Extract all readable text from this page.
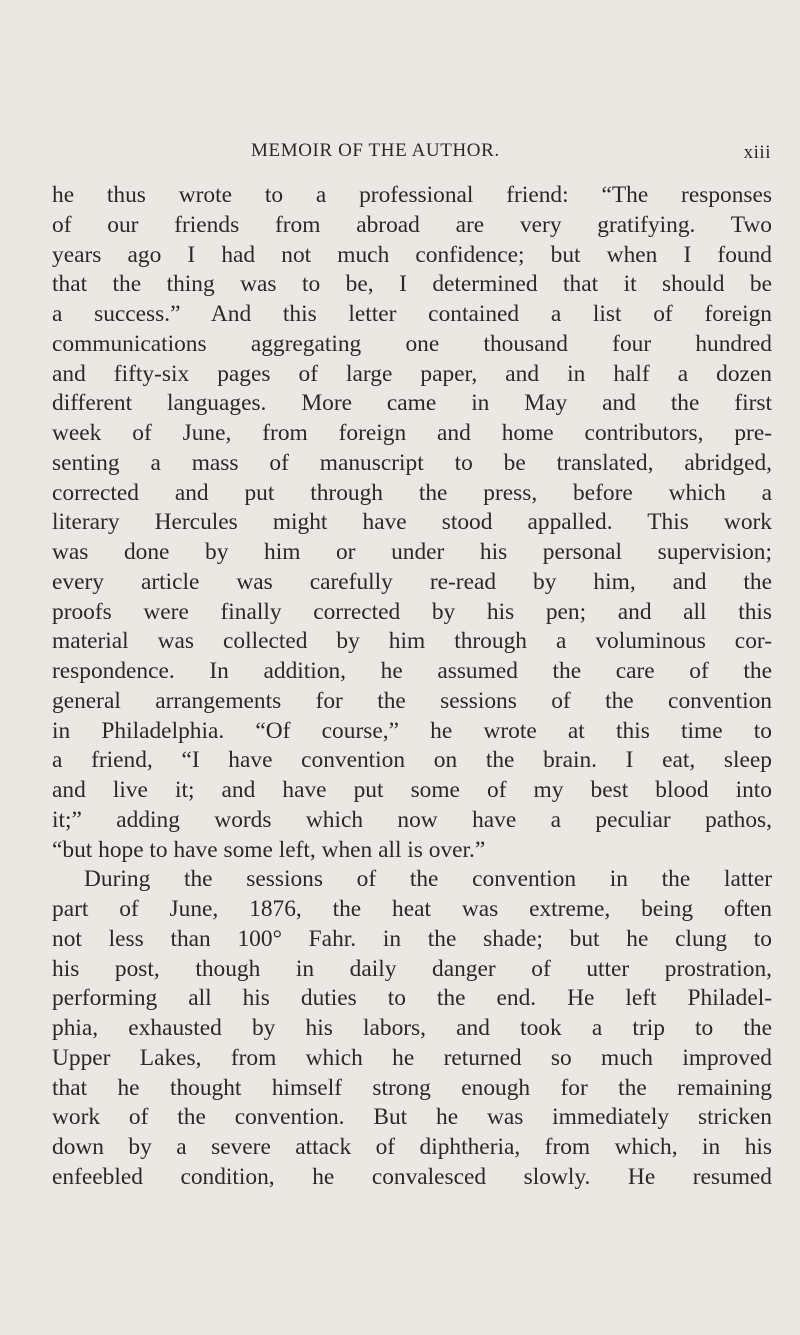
MEMOIR OF THE AUTHOR.	xiii
he thus wrote to a professional friend: “The responses
of our friends from abroad are very gratifying. Two
years ago I had not much confidence; but when I found
that the thing was to be, I determined that it should be
a success.” And this letter contained a list of foreign
communications aggregating one thousand four hundred
and fifty-six pages of large paper, and in half a dozen
different languages. More came in May and the first
week of June, from foreign and home contributors, pre-
senting a mass of manuscript to be translated, abridged,
corrected and put through the press, before which a
literary Hercules might have stood appalled. This work
was done by him or under his personal supervision;
every article was carefully re-read by him, and the
proofs were finally corrected by his pen; and all this
material was collected by him through a voluminous cor-
respondence. In addition, he assumed the care of the
general arrangements for the sessions of the convention
in Philadelphia. “Of course,” he wrote at this time to
a friend, “I have convention on the brain. I eat, sleep
and live it; and have put some of my best blood into
it;” adding words which now have a peculiar pathos,
“but hope to have some left, when all is over.”
During the sessions of the convention in the latter
part of June, 1876, the heat was extreme, being often
not less than 100° Fahr. in the shade; but he clung to
his post, though in daily danger of utter prostration,
performing all his duties to the end. He left Philadel-
phia, exhausted by his labors, and took a trip to the
Upper Lakes, from which he returned so much improved
that he thought himself strong enough for the remaining
work of the convention. But he was immediately stricken
down by a severe attack of diphtheria, from which, in his
enfeebled condition, he convalesced slowly. He resumed
